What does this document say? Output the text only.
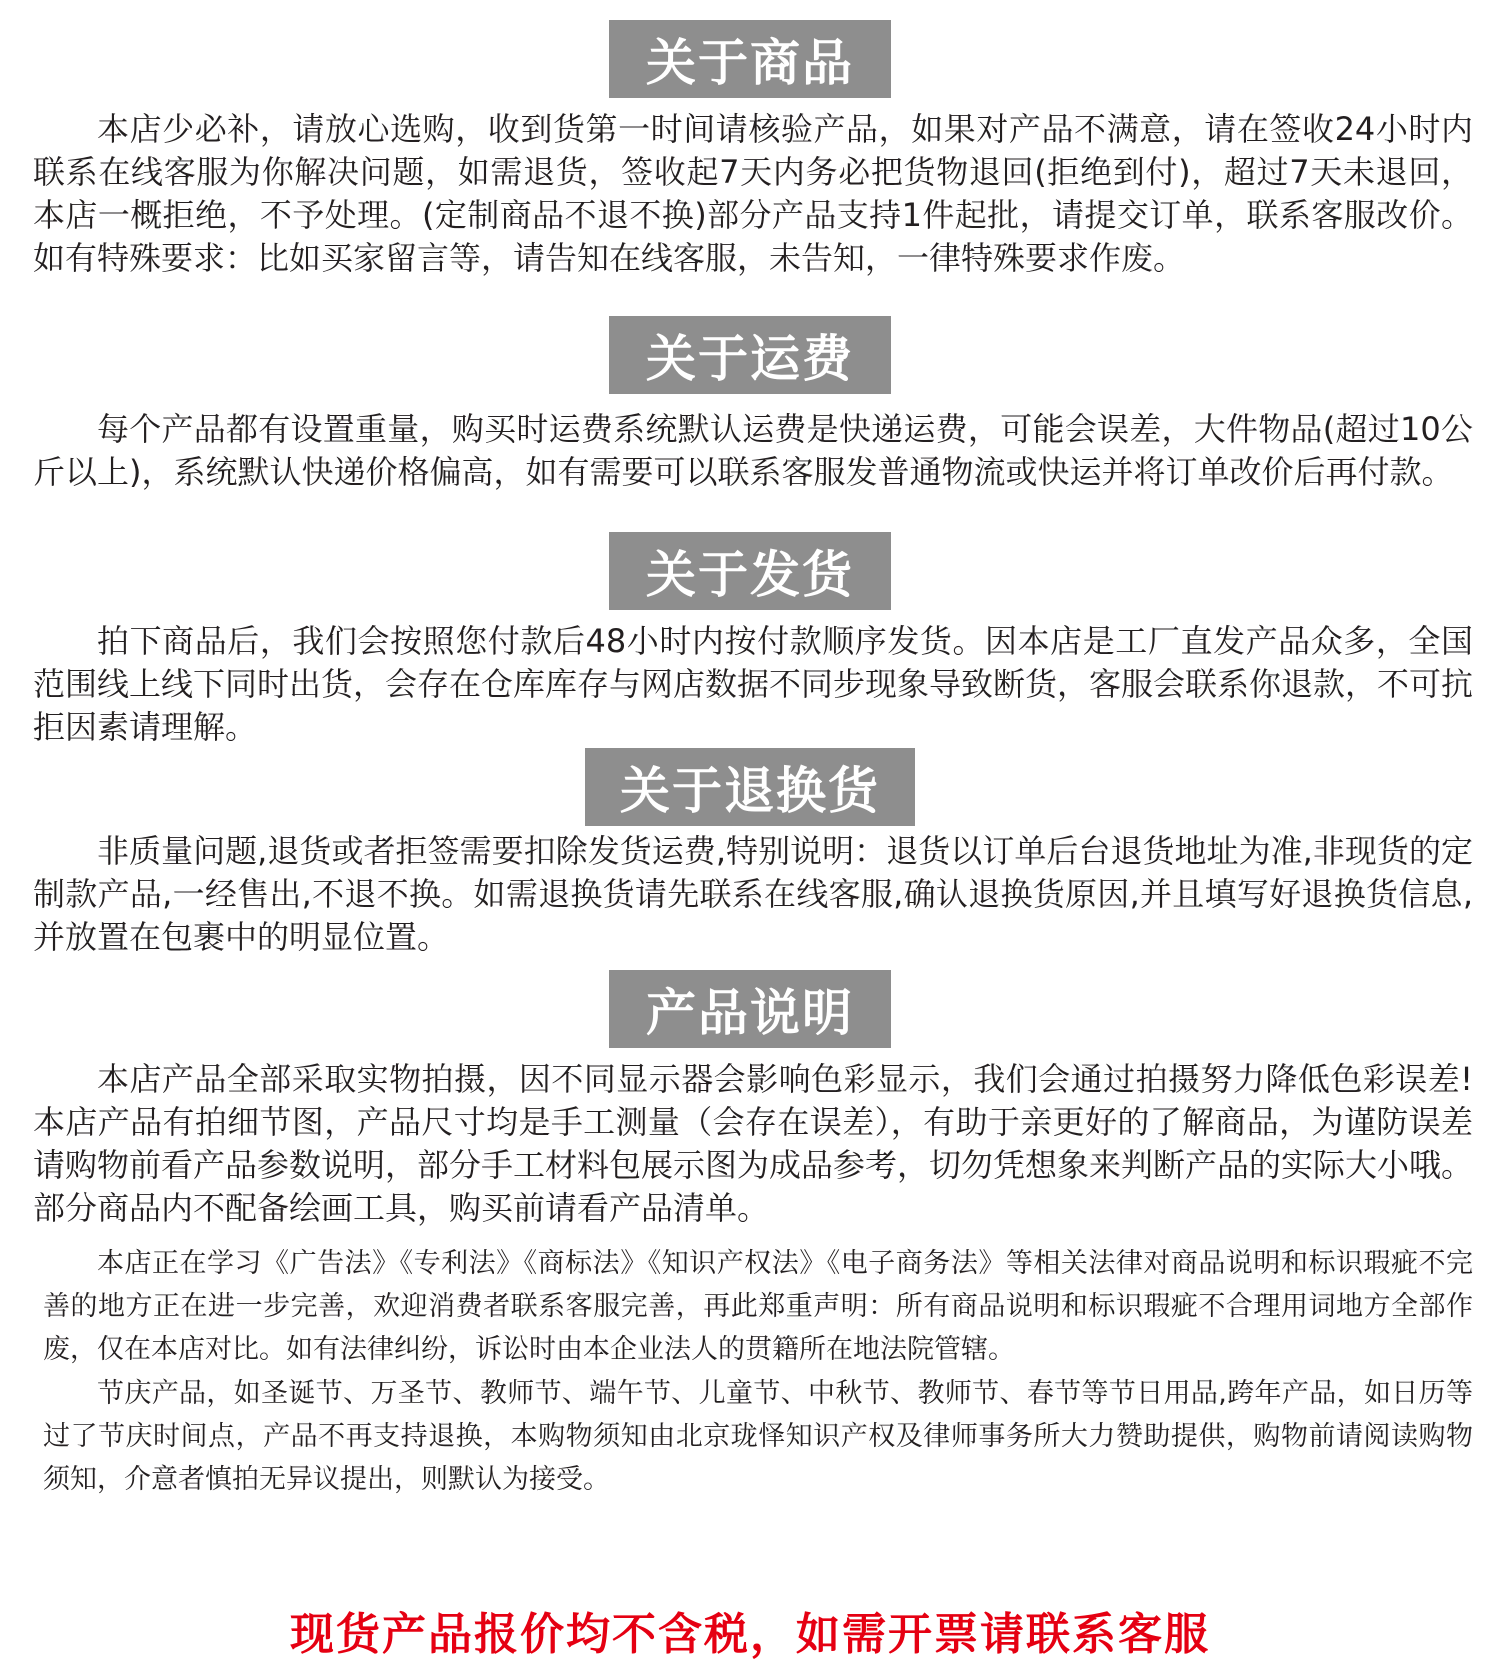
关于商品

本店少必补，请放心选购，收到货第一时间请核验产品，如果对产品不满意，请在签收24小时内联系在线客服为你解决问题，如需退货，签收起7天内务必把货物退回(拒绝到付)，超过7天未退回，本店一概拒绝，不予处理。(定制商品不退不换)部分产品支持1件起批，请提交订单，联系客服改价。如有特殊要求：比如买家留言等，请告知在线客服，未告知，一律特殊要求作废。

关于运费

每个产品都有设置重量，购买时运费系统默认运费是快递运费，可能会误差，大件物品(超过10公斤以上)，系统默认快递价格偏高，如有需要可以联系客服发普通物流或快运并将订单改价后再付款。

关于发货

拍下商品后，我们会按照您付款后48小时内按付款顺序发货。因本店是工厂直发产品众多，全国范围线上线下同时出货，会存在仓库库存与网店数据不同步现象导致断货，客服会联系你退款，不可抗拒因素请理解。

关于退换货

非质量问题,退货或者拒签需要扣除发货运费,特别说明：退货以订单后台退货地址为准,非现货的定制款产品,一经售出,不退不换。如需退换货请先联系在线客服,确认退换货原因,并且填写好退换货信息,并放置在包裹中的明显位置。

产品说明

本店产品全部采取实物拍摄，因不同显示器会影响色彩显示，我们会通过拍摄努力降低色彩误差!本店产品有拍细节图，产品尺寸均是手工测量（会存在误差），有助于亲更好的了解商品，为谨防误差请购物前看产品参数说明，部分手工材料包展示图为成品参考，切勿凭想象来判断产品的实际大小哦。部分商品内不配备绘画工具，购买前请看产品清单。

本店正在学习《广告法》《专利法》《商标法》《知识产权法》《电子商务法》等相关法律对商品说明和标识瑕疵不完善的地方正在进一步完善，欢迎消费者联系客服完善，再此郑重声明：所有商品说明和标识瑕疵不合理用词地方全部作废，仅在本店对比。如有法律纠纷，诉讼时由本企业法人的贯籍所在地法院管辖。

节庆产品，如圣诞节、万圣节、教师节、端午节、儿童节、中秋节、教师节、春节等节日用品,跨年产品，如日历等过了节庆时间点，产品不再支持退换，本购物须知由北京珑怿知识产权及律师事务所大力赞助提供，购物前请阅读购物须知，介意者慎拍无异议提出，则默认为接受。

现货产品报价均不含税，如需开票请联系客服
